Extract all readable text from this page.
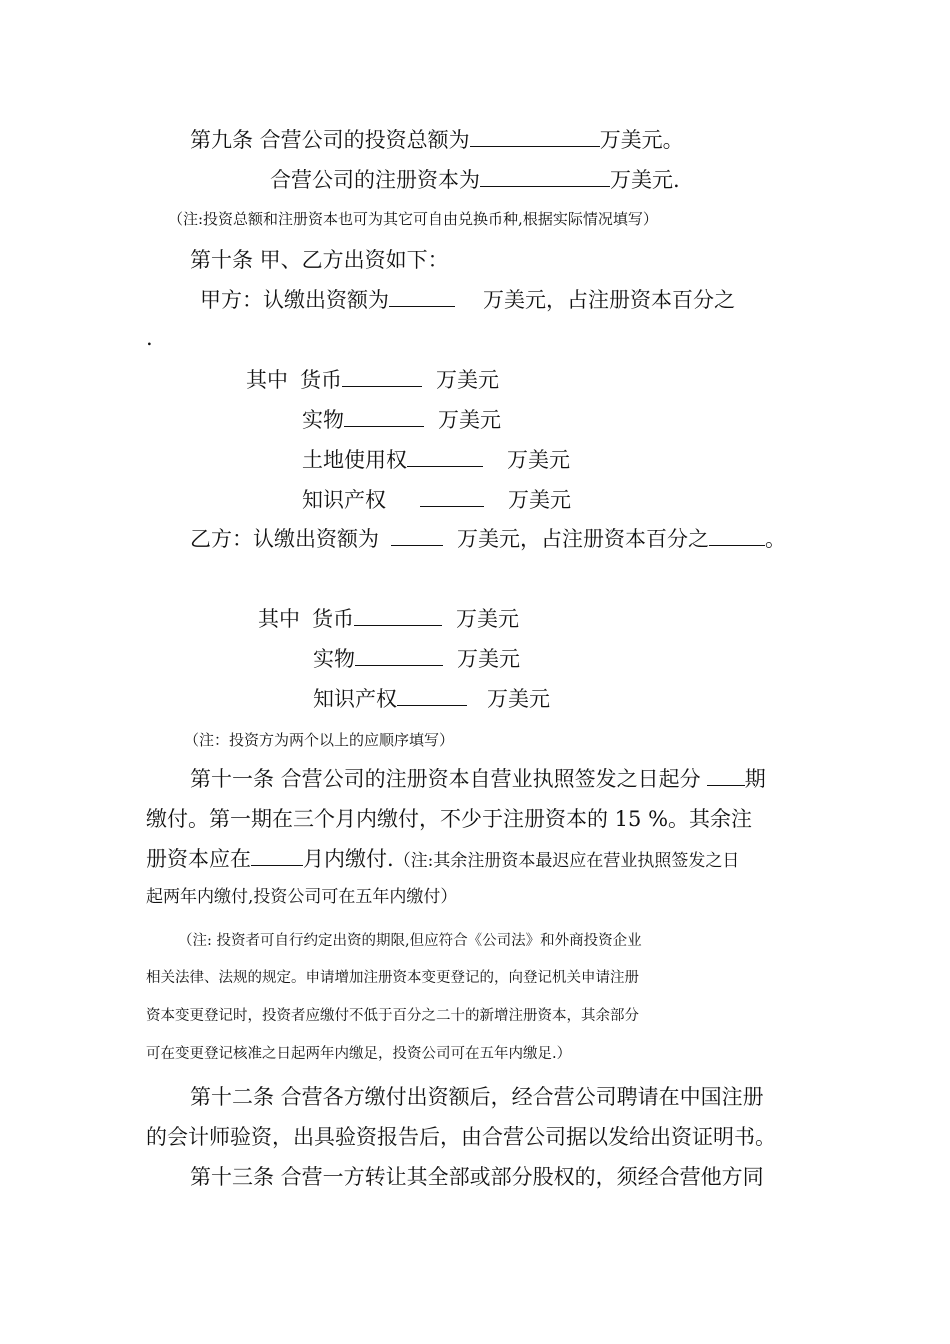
第九条 合营公司的投资总额为	万美元。
合营公司的注册资本为	万美元.
（注:投资总额和注册资本也可为其它可自由兑换币种,根据实际情况填写）
第十条 甲、乙方出资如下：
甲方：认缴出资额为	万美元，占注册资本百分之
.
其中 货币	万美元
实物	万美元
土地使用权	万美元
知识产权	万美元
乙方：认缴出资额为	万美元，占注册资本百分之	。
其中 货币	万美元
实物	万美元
知识产权	万美元
（注：投资方为两个以上的应顺序填写）
第十一条 合营公司的注册资本自营业执照签发之日起分 期
缴付。第一期在三个月内缴付，不少于注册资本的 15 %。其余注
册资本应在 月内缴付.（注:其余注册资本最迟应在营业执照签发之日
起两年内缴付,投资公司可在五年内缴付）
（注: 投资者可自行约定出资的期限,但应符合《公司法》和外商投资企业
相关法律、法规的规定。申请增加注册资本变更登记的，向登记机关申请注册
资本变更登记时，投资者应缴付不低于百分之二十的新增注册资本，其余部分
可在变更登记核准之日起两年内缴足，投资公司可在五年内缴足.）
第十二条 合营各方缴付出资额后，经合营公司聘请在中国注册
的会计师验资，出具验资报告后，由合营公司据以发给出资证明书。
第十三条 合营一方转让其全部或部分股权的，须经合营他方同
